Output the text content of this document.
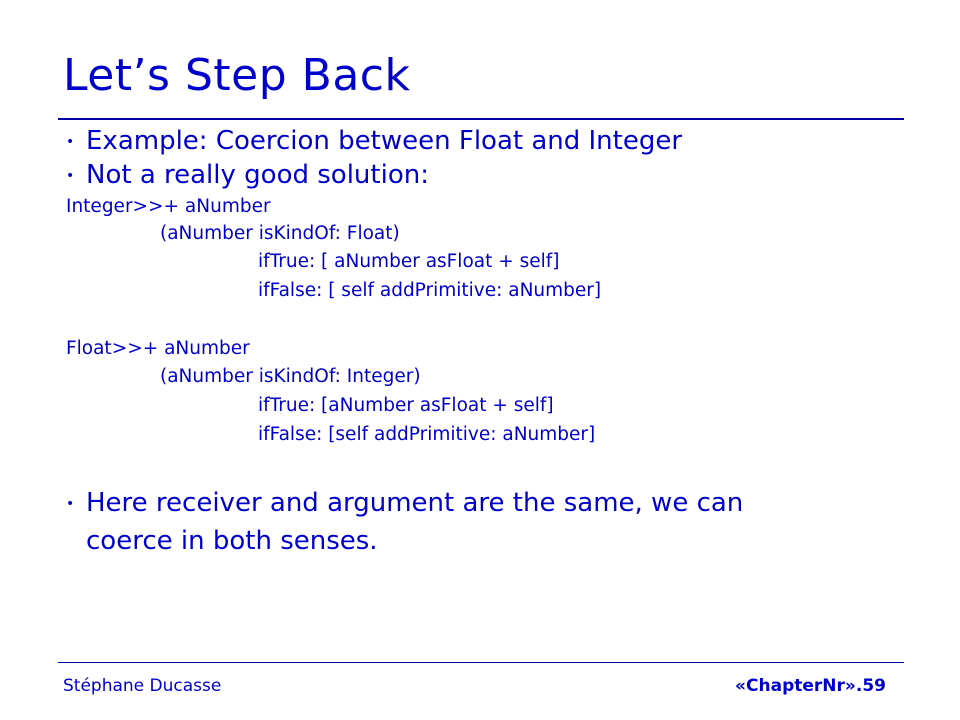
Let’s Step Back
• Example: Coercion between Float and Integer
• Not a really good solution:
Integer>>+ aNumber
(aNumber isKindOf: Float)
ifTrue: [ aNumber asFloat + self]
ifFalse: [ self addPrimitive: aNumber]
Float>>+ aNumber
(aNumber isKindOf: Integer)
ifTrue: [aNumber asFloat + self]
ifFalse: [self addPrimitive: aNumber]
• Here receiver and argument are the same, we can
coerce in both senses.
Stéphane Ducasse	«ChapterNr».59
